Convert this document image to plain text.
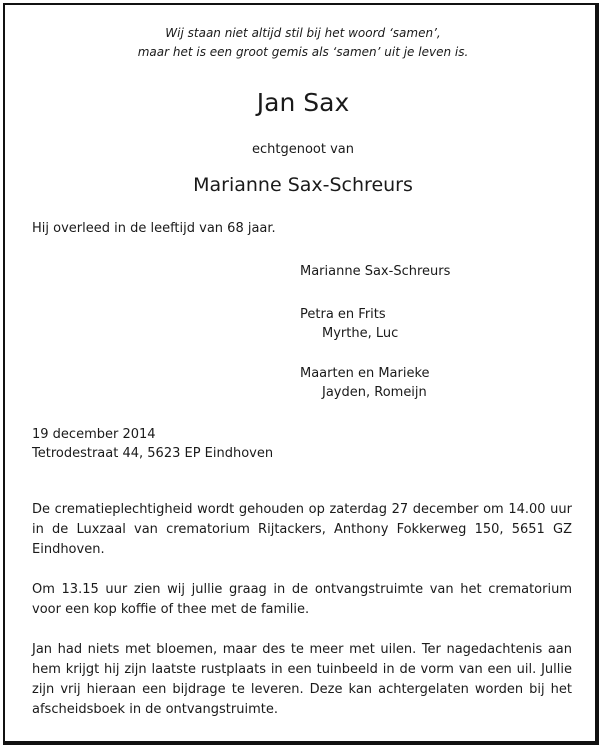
Wij staan niet altijd stil bij het woord ‘samen’,
maar het is een groot gemis als ‘samen’ uit je leven is.
Jan Sax
echtgenoot van
Marianne Sax-Schreurs
Hij overleed in de leeftijd van 68 jaar.
Marianne Sax-Schreurs
Petra en Frits
Myrthe, Luc
Maarten en Marieke
Jayden, Romeijn
19 december 2014
Tetrodestraat 44, 5623 EP Eindhoven
De crematieplechtigheid wordt gehouden op zaterdag 27 december om 14.00 uur in de Luxzaal van crematorium Rijtackers, Anthony Fokkerweg 150, 5651 GZ Eindhoven.
Om 13.15 uur zien wij jullie graag in de ontvangstruimte van het crematorium voor een kop koffie of thee met de familie.
Jan had niets met bloemen, maar des te meer met uilen. Ter nagedachtenis aan hem krijgt hij zijn laatste rustplaats in een tuinbeeld in de vorm van een uil. Jullie zijn vrij hieraan een bijdrage te leveren. Deze kan achtergelaten worden bij het afscheidsboek in de ontvangstruimte.
